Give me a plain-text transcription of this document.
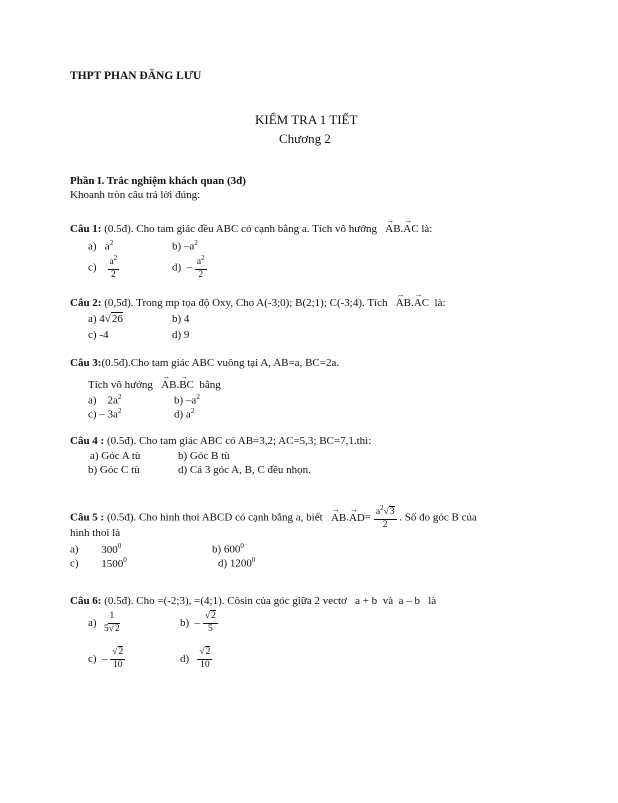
THPT PHAN ĐĂNG LƯU
KIỂM TRA 1 TIẾT
Chương 2
Phần I. Trắc nghiệm khách quan (3đ)
Khoanh tròn câu trả lời đúng:
Câu 1: (0.5đ). Cho tam giác đều ABC có cạnh bằng a. Tích vô hướng → AB.→ AC là:
a) $a^2$	b) $-a^2$
$c) \frac{a^2}{2}$	$d) - \frac{a^2}{2}$
Câu 2: (0,5đ). Trong mp tọa độ Oxy, Cho A(-3;0); B(2;1); C(-3;4). Tích → AB.→ AC là:
a) 4√26	b) 4
c) -4	d) 9
Câu 3:(0.5đ).Cho tam giác ABC vuông tại A, AB=a, BC=2a.
Tích vô hướng → AB.→ BC bằng
a) $2a^2$	b) $-a^2$
$c) - 3a^2$	d) $a^2$
Câu 4 : (0.5đ). Cho tam giác ABC có AB=3,2; AC=5,3; BC=7,1.thì:
a) Góc A tù	b) Góc B tù
b) Góc C tù	d) Cả 3 góc A, B, C đều nhọn.
Câu 5 : (0.5đ). Cho hình thoi ABCD có cạnh bằng a, biết → $AB.\to AD= \frac{a^2√3}{2}$ . Số đo góc B của
hình thoi là
a) $300^0$	b) $600^0$
c) 1500$^0$	d) 1200$^0$
Câu 6: (0.5đ). Cho =(-2;3), =(4;1). Côsin của góc giữa 2 vectơ a + b và a – b là
$a) \frac{1}{5√2}$	$b) - \frac{√2}{5}$
$c) - \frac{√2}{10}$	$d) \frac{√2}{10}$
